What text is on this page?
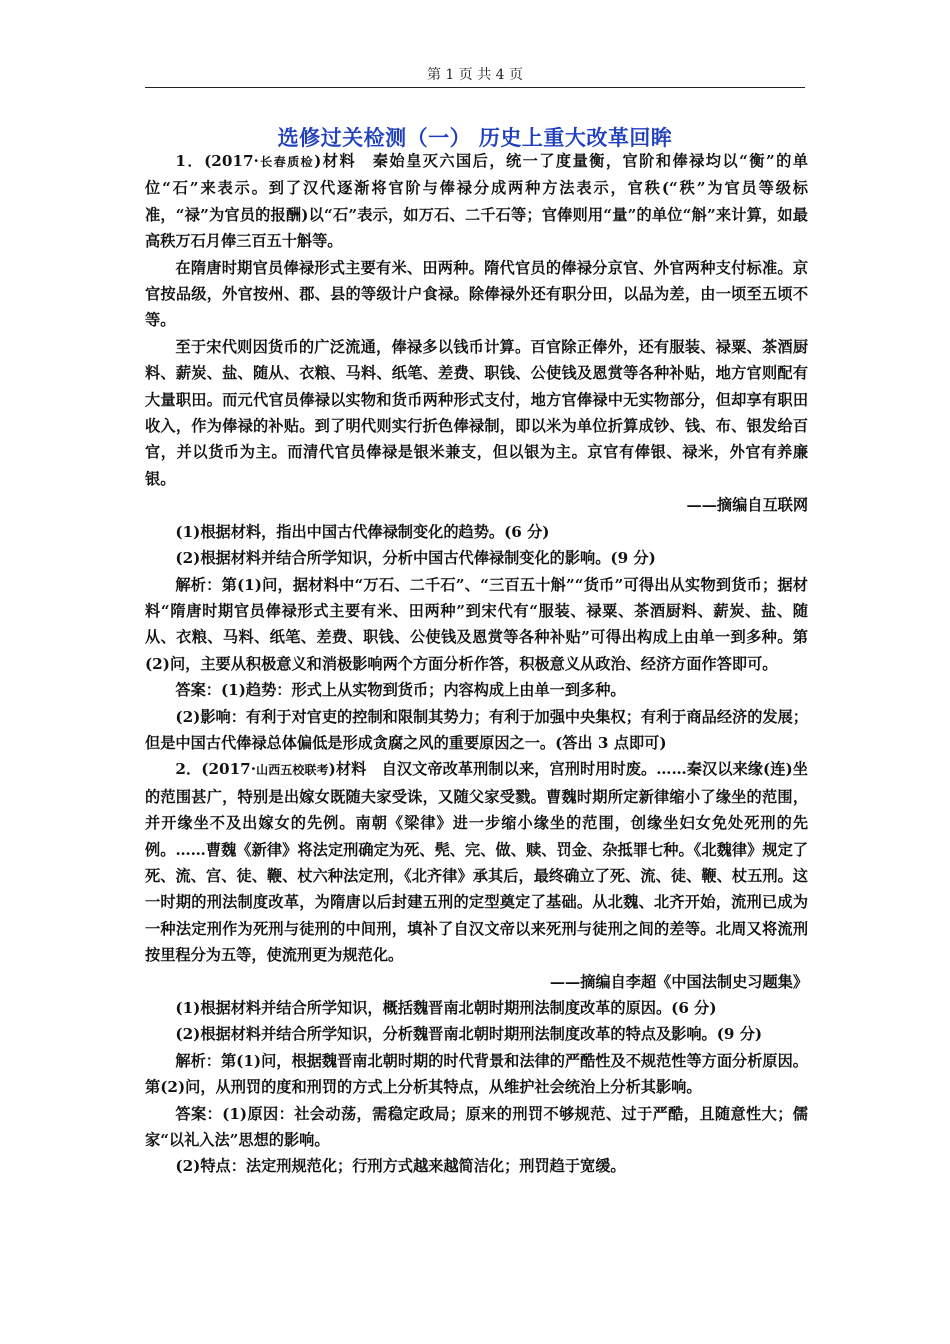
第 1 页 共 4 页
选修过关检测（一） 历史上重大改革回眸

1．(2017·长春质检)材料　秦始皇灭六国后，统一了度量衡，官阶和俸禄均以“衡”的单位“石”来表示。到了汉代逐渐将官阶与俸禄分成两种方法表示，官秩(“秩”为官员等级标准，“禄”为官员的报酬)以“石”表示，如万石、二千石等；官俸则用“量”的单位“斛”来计算，如最高秩万石月俸三百五十斛等。

在隋唐时期官员俸禄形式主要有米、田两种。隋代官员的俸禄分京官、外官两种支付标准。京官按品级，外官按州、郡、县的等级计户食禄。除俸禄外还有职分田，以品为差，由一顷至五顷不等。

至于宋代则因货币的广泛流通，俸禄多以钱币计算。百官除正俸外，还有服装、禄粟、茶酒厨料、薪炭、盐、随从、衣粮、马料、纸笔、差费、职钱、公使钱及恩赏等各种补贴，地方官则配有大量职田。而元代官员俸禄以实物和货币两种形式支付，地方官俸禄中无实物部分，但却享有职田收入，作为俸禄的补贴。到了明代则实行折色俸禄制，即以米为单位折算成钞、钱、布、银发给百官，并以货币为主。而清代官员俸禄是银米兼支，但以银为主。京官有俸银、禄米，外官有养廉银。

——摘编自互联网

(1)根据材料，指出中国古代俸禄制变化的趋势。(6 分)

(2)根据材料并结合所学知识，分析中国古代俸禄制变化的影响。(9 分)

解析：第(1)问，据材料中“万石、二千石”、“三百五十斛”“货币”可得出从实物到货币；据材料“隋唐时期官员俸禄形式主要有米、田两种”到宋代有“服装、禄粟、茶酒厨料、薪炭、盐、随从、衣粮、马料、纸笔、差费、职钱、公使钱及恩赏等各种补贴”可得出构成上由单一到多种。第(2)问，主要从积极意义和消极影响两个方面分析作答，积极意义从政治、经济方面作答即可。

答案：(1)趋势：形式上从实物到货币；内容构成上由单一到多种。

(2)影响：有利于对官吏的控制和限制其势力；有利于加强中央集权；有利于商品经济的发展；但是中国古代俸禄总体偏低是形成贪腐之风的重要原因之一。(答出 3 点即可)

2．(2017·山西五校联考)材料　自汉文帝改革刑制以来，宫刑时用时废。……秦汉以来缘(连)坐的范围甚广，特别是出嫁女既随夫家受诛，又随父家受戮。曹魏时期所定新律缩小了缘坐的范围，并开缘坐不及出嫁女的先例。南朝《梁律》进一步缩小缘坐的范围，创缘坐妇女免处死刑的先例。……曹魏《新律》将法定刑确定为死、髡、完、做、赎、罚金、杂抵罪七种。《北魏律》规定了死、流、宫、徒、鞭、杖六种法定刑，《北齐律》承其后，最终确立了死、流、徒、鞭、杖五刑。这一时期的刑法制度改革，为隋唐以后封建五刑的定型奠定了基础。从北魏、北齐开始，流刑已成为一种法定刑作为死刑与徒刑的中间刑，填补了自汉文帝以来死刑与徒刑之间的差等。北周又将流刑按里程分为五等，使流刑更为规范化。

——摘编自李超《中国法制史习题集》

(1)根据材料并结合所学知识，概括魏晋南北朝时期刑法制度改革的原因。(6 分)

(2)根据材料并结合所学知识，分析魏晋南北朝时期刑法制度改革的特点及影响。(9 分)

解析：第(1)问，根据魏晋南北朝时期的时代背景和法律的严酷性及不规范性等方面分析原因。第(2)问，从刑罚的度和刑罚的方式上分析其特点，从维护社会统治上分析其影响。

答案：(1)原因：社会动荡，需稳定政局；原来的刑罚不够规范、过于严酷，且随意性大；儒家“以礼入法”思想的影响。

(2)特点：法定刑规范化；行刑方式越来越简洁化；刑罚趋于宽缓。
